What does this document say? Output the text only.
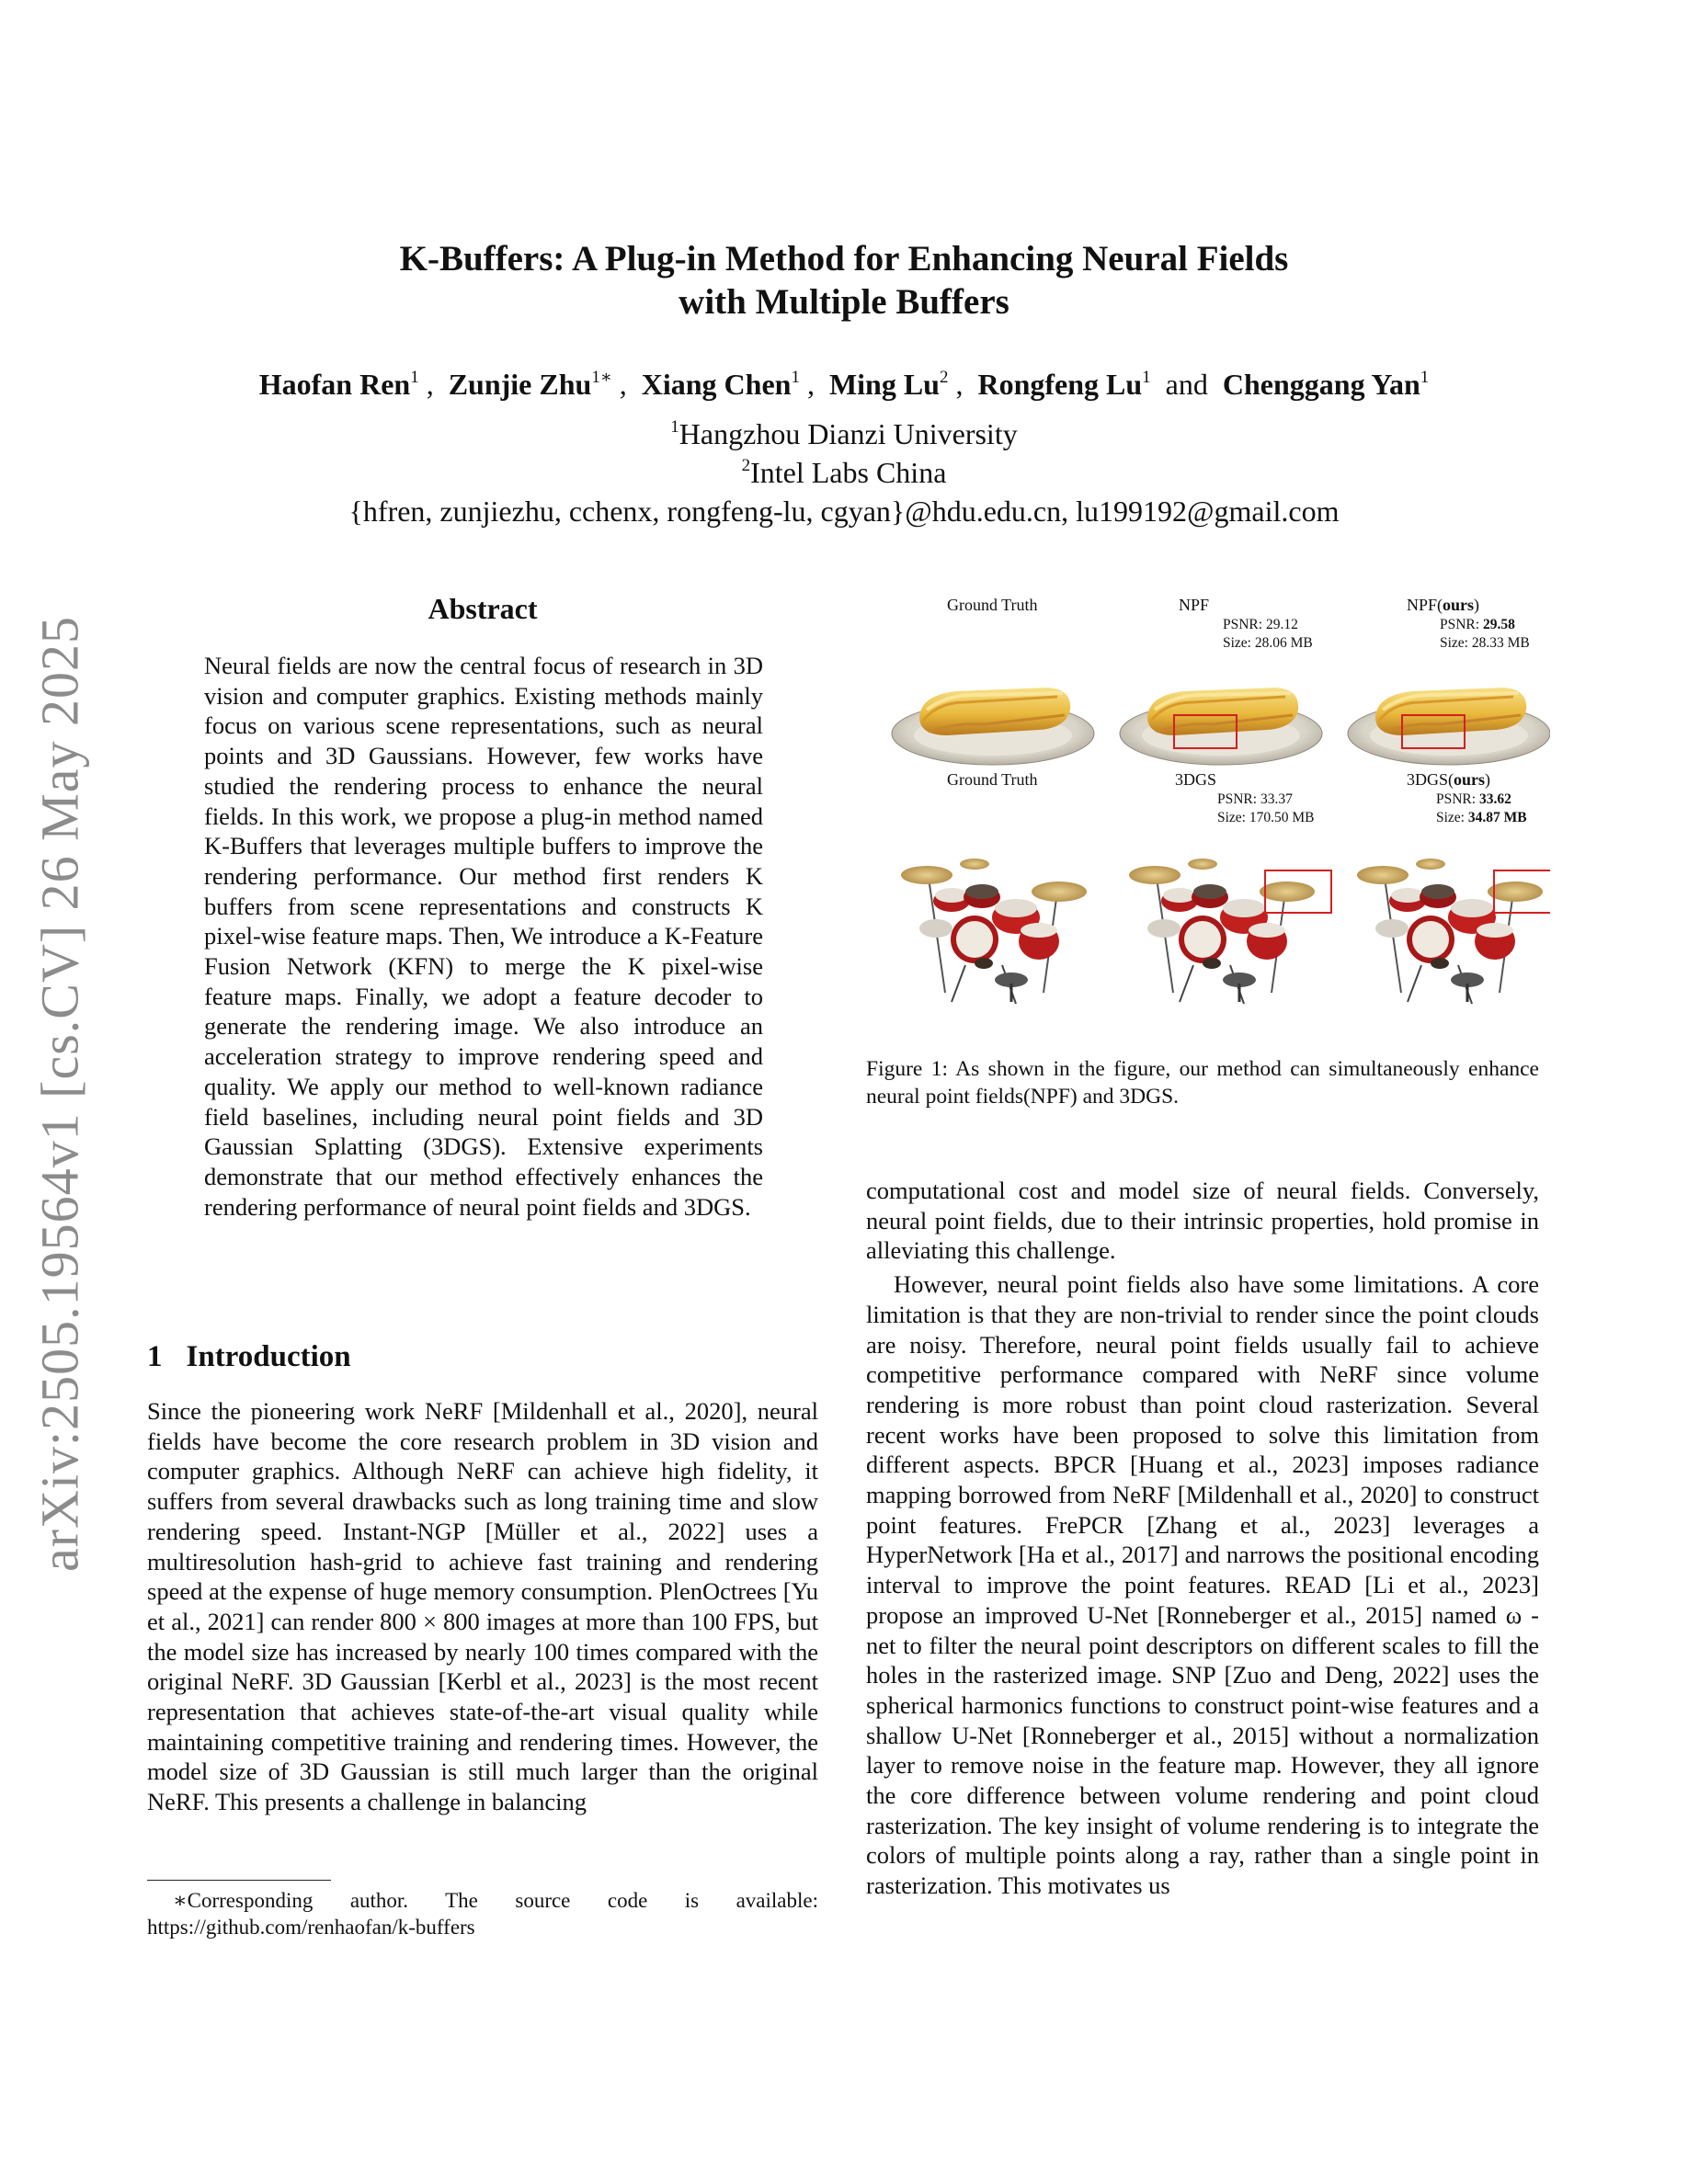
arXiv:2505.19564v1 [cs.CV] 26 May 2025
K-Buffers: A Plug-in Method for Enhancing Neural Fields
with Multiple Buffers
Haofan Ren$^1$ ,  Zunjie Zhu$^{1∗}$ ,  Xiang Chen$^1$ ,  Ming Lu$^2$ ,  Rongfeng Lu$^1$ and Chenggang Yan$^1$
$^1$Hangzhou Dianzi University
$^2$Intel Labs China
{hfren, zunjiezhu, cchenx, rongfeng-lu, cgyan}@hdu.edu.cn, lu199192@gmail.com
Abstract

Neural fields are now the central focus of research in 3D vision and computer graphics. Existing methods mainly focus on various scene representations, such as neural points and 3D Gaussians. However, few works have studied the rendering process to enhance the neural fields. In this work, we propose a plug-in method named K-Buffers that leverages multiple buffers to improve the rendering performance. Our method first renders K buffers from scene representations and constructs K pixel-wise feature maps. Then, We introduce a K-Feature Fusion Network (KFN) to merge the K pixel-wise feature maps. Finally, we adopt a feature decoder to generate the rendering image. We also introduce an acceleration strategy to improve rendering speed and quality. We apply our method to well-known radiance field baselines, including neural point fields and 3D Gaussian Splatting (3DGS). Extensive experiments demonstrate that our method effectively enhances the rendering performance of neural point fields and 3DGS.

1 Introduction

Since the pioneering work NeRF [Mildenhall et al., 2020], neural fields have become the core research problem in 3D vision and computer graphics. Although NeRF can achieve high fidelity, it suffers from several drawbacks such as long training time and slow rendering speed. Instant-NGP [Müller et al., 2022] uses a multiresolution hash-grid to achieve fast training and rendering speed at the expense of huge memory consumption. PlenOctrees [Yu et al., 2021] can render 800 × 800 images at more than 100 FPS, but the model size has increased by nearly 100 times compared with the original NeRF. 3D Gaussian [Kerbl et al., 2023] is the most recent representation that achieves state-of-the-art visual quality while maintaining competitive training and rendering times. However, the model size of 3D Gaussian is still much larger than the original NeRF. This presents a challenge in balancing

∗Corresponding author. The source code is available: https://github.com/renhaofan/k-buffers
Ground Truth	NPF
PSNR: 29.12
Size: 28.06 MB
NPF(ours)
PSNR: 29.58
Size: 28.33 MB
Ground Truth	3DGS
PSNR: 33.37
Size: 170.50 MB
3DGS(ours)
PSNR: 33.62
Size: 34.87 MB
Figure 1: As shown in the figure, our method can simultaneously enhance neural point fields(NPF) and 3DGS.

computational cost and model size of neural fields. Conversely, neural point fields, due to their intrinsic properties, hold promise in alleviating this challenge.

However, neural point fields also have some limitations. A core limitation is that they are non-trivial to render since the point clouds are noisy. Therefore, neural point fields usually fail to achieve competitive performance compared with NeRF since volume rendering is more robust than point cloud rasterization. Several recent works have been proposed to solve this limitation from different aspects. BPCR [Huang et al., 2023] imposes radiance mapping borrowed from NeRF [Mildenhall et al., 2020] to construct point features. FrePCR [Zhang et al., 2023] leverages a HyperNetwork [Ha et al., 2017] and narrows the positional encoding interval to improve the point features. READ [Li et al., 2023] propose an improved U-Net [Ronneberger et al., 2015] named ω - net to filter the neural point descriptors on different scales to fill the holes in the rasterized image. SNP [Zuo and Deng, 2022] uses the spherical harmonics functions to construct point-wise features and a shallow U-Net [Ronneberger et al., 2015] without a normalization layer to remove noise in the feature map. However, they all ignore the core difference between volume rendering and point cloud rasterization. The key insight of volume rendering is to integrate the colors of multiple points along a ray, rather than a single point in rasterization. This motivates us
